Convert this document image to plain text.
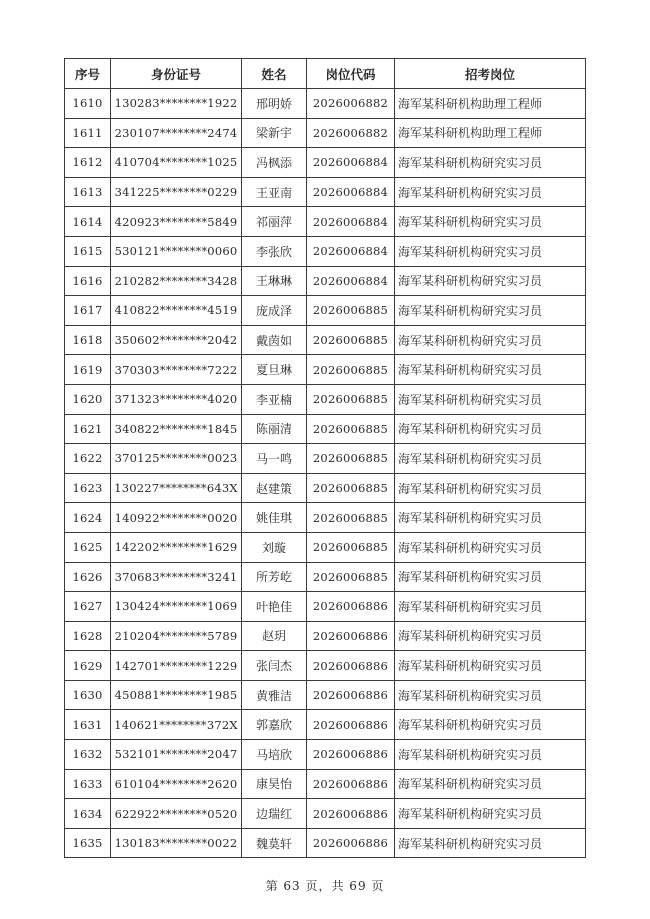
序号	身份证号	姓名	岗位代码	招考岗位
1610	130283********1922	邢明娇	2026006882	海军某科研机构助理工程师
1611	230107********2474	梁新宇	2026006882	海军某科研机构助理工程师
1612	410704********1025	冯枫添	2026006884	海军某科研机构研究实习员
1613	341225********0229	王亚南	2026006884	海军某科研机构研究实习员
1614	420923********5849	祁丽萍	2026006884	海军某科研机构研究实习员
1615	530121********0060	李张欣	2026006884	海军某科研机构研究实习员
1616	210282********3428	王琳琳	2026006884	海军某科研机构研究实习员
1617	410822********4519	庞成泽	2026006885	海军某科研机构研究实习员
1618	350602********2042	戴茵如	2026006885	海军某科研机构研究实习员
1619	370303********7222	夏旦琳	2026006885	海军某科研机构研究实习员
1620	371323********4020	李亚楠	2026006885	海军某科研机构研究实习员
1621	340822********1845	陈丽清	2026006885	海军某科研机构研究实习员
1622	370125********0023	马一鸣	2026006885	海军某科研机构研究实习员
1623	130227********643X	赵建策	2026006885	海军某科研机构研究实习员
1624	140922********0020	姚佳琪	2026006885	海军某科研机构研究实习员
1625	142202********1629	刘璇	2026006885	海军某科研机构研究实习员
1626	370683********3241	所芳屹	2026006885	海军某科研机构研究实习员
1627	130424********1069	叶艳佳	2026006886	海军某科研机构研究实习员
1628	210204********5789	赵玥	2026006886	海军某科研机构研究实习员
1629	142701********1229	张闫杰	2026006886	海军某科研机构研究实习员
1630	450881********1985	黄雅洁	2026006886	海军某科研机构研究实习员
1631	140621********372X	郭嘉欣	2026006886	海军某科研机构研究实习员
1632	532101********2047	马培欣	2026006886	海军某科研机构研究实习员
1633	610104********2620	康昊怡	2026006886	海军某科研机构研究实习员
1634	622922********0520	边瑞红	2026006886	海军某科研机构研究实习员
1635	130183********0022	魏莫轩	2026006886	海军某科研机构研究实习员
第 63 页，共 69 页
